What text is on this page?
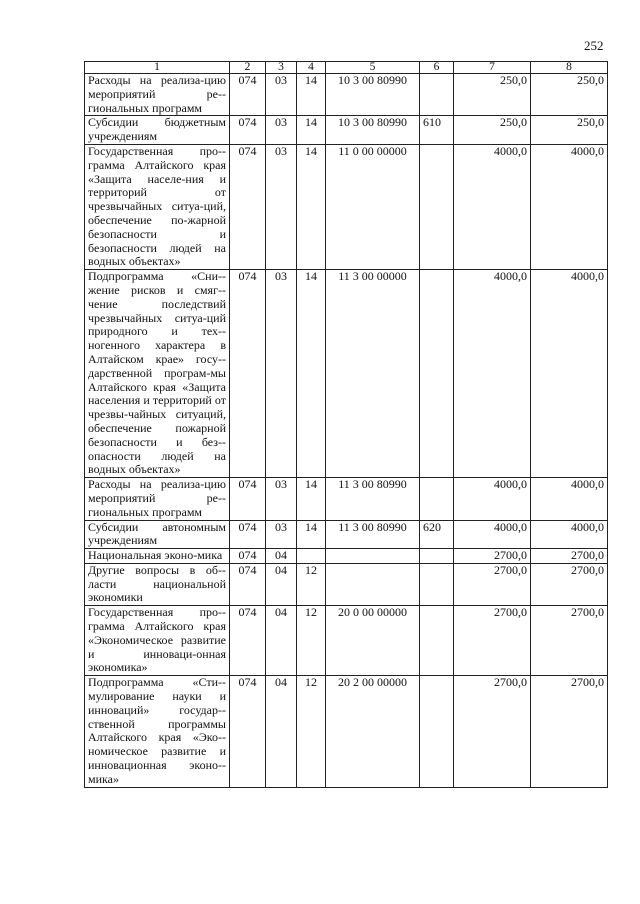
252
1	2	3	4	5	6	7	8
Расходы на реализа-цию мероприятий ре-гиональных программ	074	03	14	10 3 00 80990		250,0	250,0
Субсидии бюджетным учреждениям	074	03	14	10 3 00 80990	610	250,0	250,0
Государственная про-грамма Алтайского края «Защита населе-ния и территорий от чрезвычайных ситуа-ций, обеспечение по-жарной безопасности и безопасности людей на водных объектах»	074	03	14	11 0 00 00000		4000,0	4000,0
Подпрограмма «Сни-жение рисков и смяг-чение последствий чрезвычайных ситуа-ций природного и тех-ногенного характера в Алтайском крае» госу-дарственной програм-мы Алтайского края «Защита населения и территорий от чрезвы-чайных ситуаций, обеспечение пожарной безопасности и без-опасности людей на водных объектах»	074	03	14	11 3 00 00000		4000,0	4000,0
Расходы на реализа-цию мероприятий ре-гиональных программ	074	03	14	11 3 00 80990		4000,0	4000,0
Субсидии автономным учреждениям	074	03	14	11 3 00 80990	620	4000,0	4000,0
Национальная эконо-мика	074	04				2700,0	2700,0
Другие вопросы в об-ласти национальной экономики	074	04	12			2700,0	2700,0
Государственная про-грамма Алтайского края «Экономическое развитие и инноваци-онная экономика»	074	04	12	20 0 00 00000		2700,0	2700,0
Подпрограмма «Сти-мулирование науки и инноваций» государ-ственной программы Алтайского края «Эко-номическое развитие и инновационная эконо-мика»	074	04	12	20 2 00 00000		2700,0	2700,0
